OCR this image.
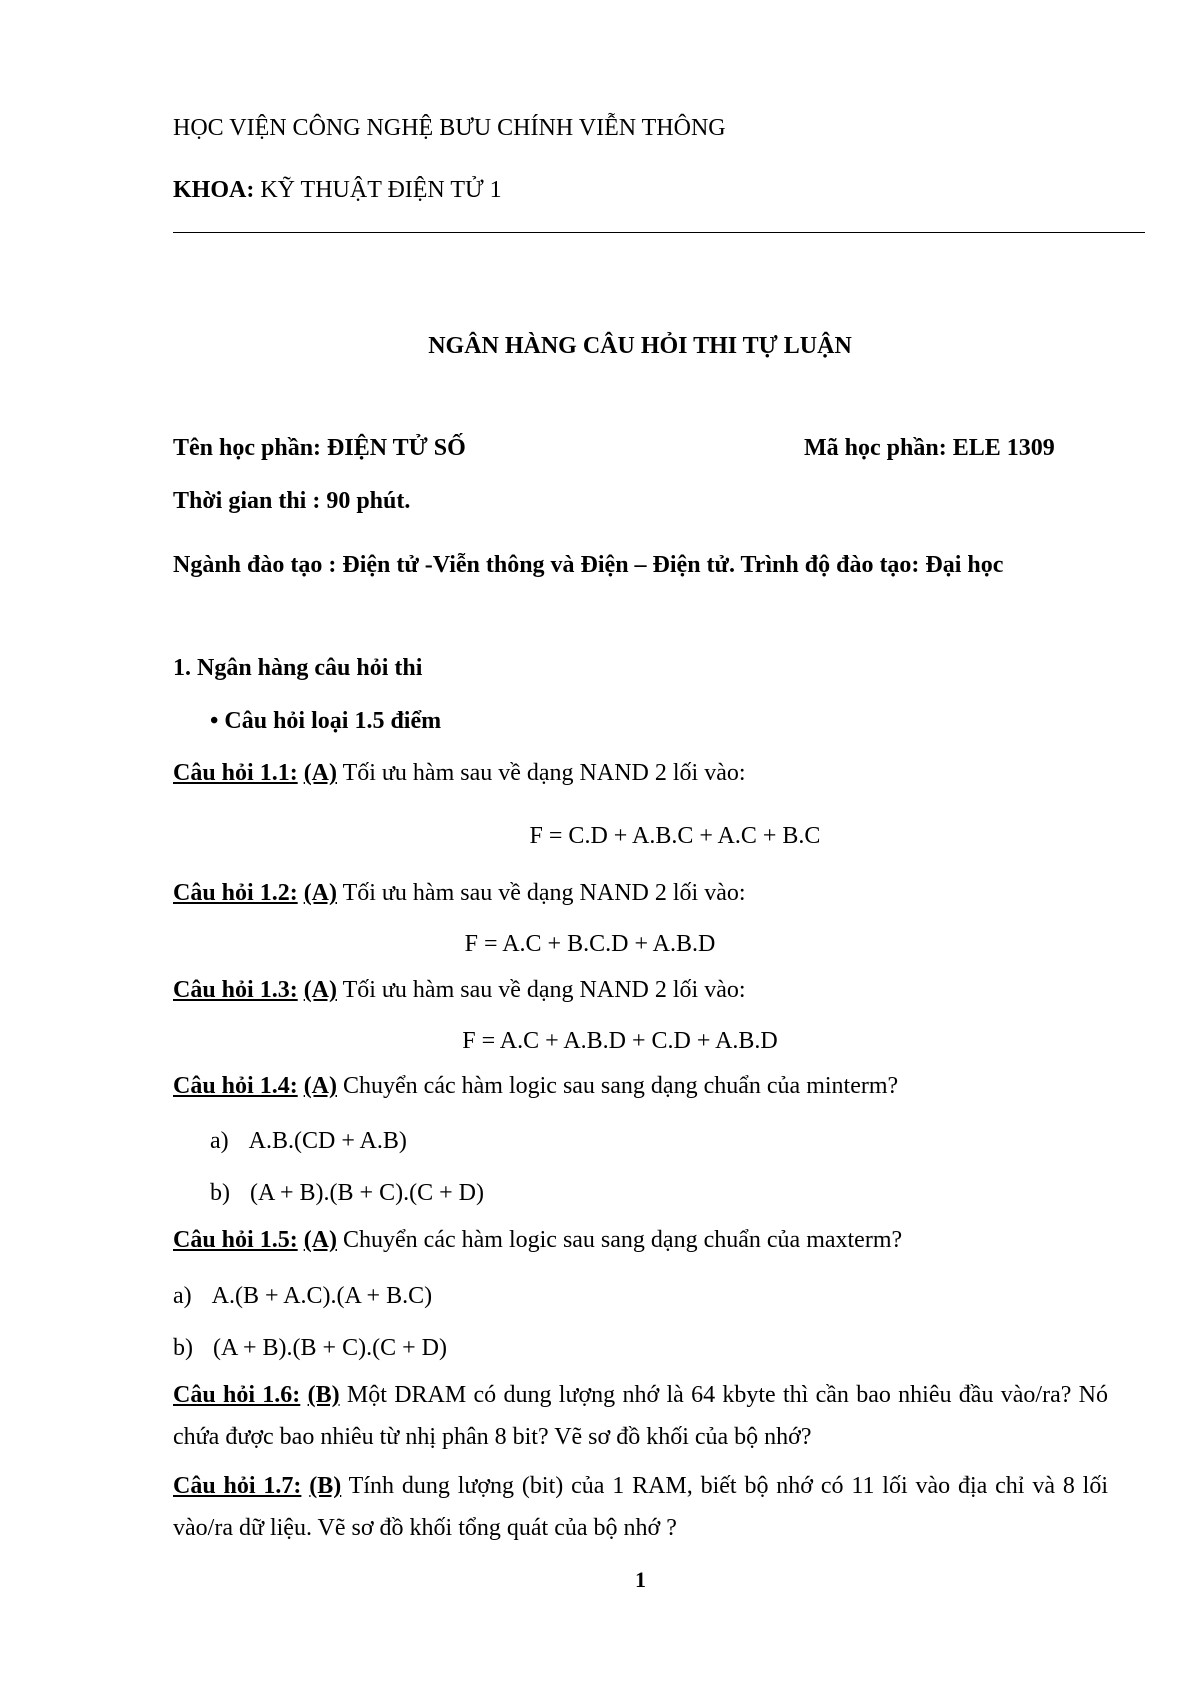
HỌC VIỆN CÔNG NGHỆ BƯU CHÍNH VIỄN THÔNG
KHOA: KỸ THUẬT ĐIỆN TỬ 1
NGÂN HÀNG CÂU HỎI THI TỰ LUẬN
Tên học phần: ĐIỆN TỬ SỐ	Mã học phần: ELE 1309
Thời gian thi : 90 phút.
Ngành đào tạo : Điện tử -Viễn thông và Điện – Điện tử. Trình độ đào tạo: Đại học
1. Ngân hàng câu hỏi thi
• Câu hỏi loại 1.5 điểm
Câu hỏi 1.1: (A) Tối ưu hàm sau về dạng NAND 2 lối vào:
F = C.D + A.B.C + A.C + B.C
Câu hỏi 1.2: (A) Tối ưu hàm sau về dạng NAND 2 lối vào:
F = A.C + B.C.D + A.B.D
Câu hỏi 1.3: (A) Tối ưu hàm sau về dạng NAND 2 lối vào:
F = A.C + A.B.D + C.D + A.B.D
Câu hỏi 1.4: (A) Chuyển các hàm logic sau sang dạng chuẩn của minterm?
a) A.B.(CD + A.B)
b) (A + B).(B + C).(C + D)
Câu hỏi 1.5: (A) Chuyển các hàm logic sau sang dạng chuẩn của maxterm?
a) A.(B + A.C).(A + B.C)
b) (A + B).(B + C).(C + D)
Câu hỏi 1.6: (B) Một DRAM có dung lượng nhớ là 64 kbyte thì cần bao nhiêu đầu vào/ra? Nó chứa được bao nhiêu từ nhị phân 8 bit? Vẽ sơ đồ khối của bộ nhớ?
Câu hỏi 1.7: (B) Tính dung lượng (bit) của 1 RAM, biết bộ nhớ có 11 lối vào địa chỉ và 8 lối vào/ra dữ liệu. Vẽ sơ đồ khối tổng quát của bộ nhớ ?
1
